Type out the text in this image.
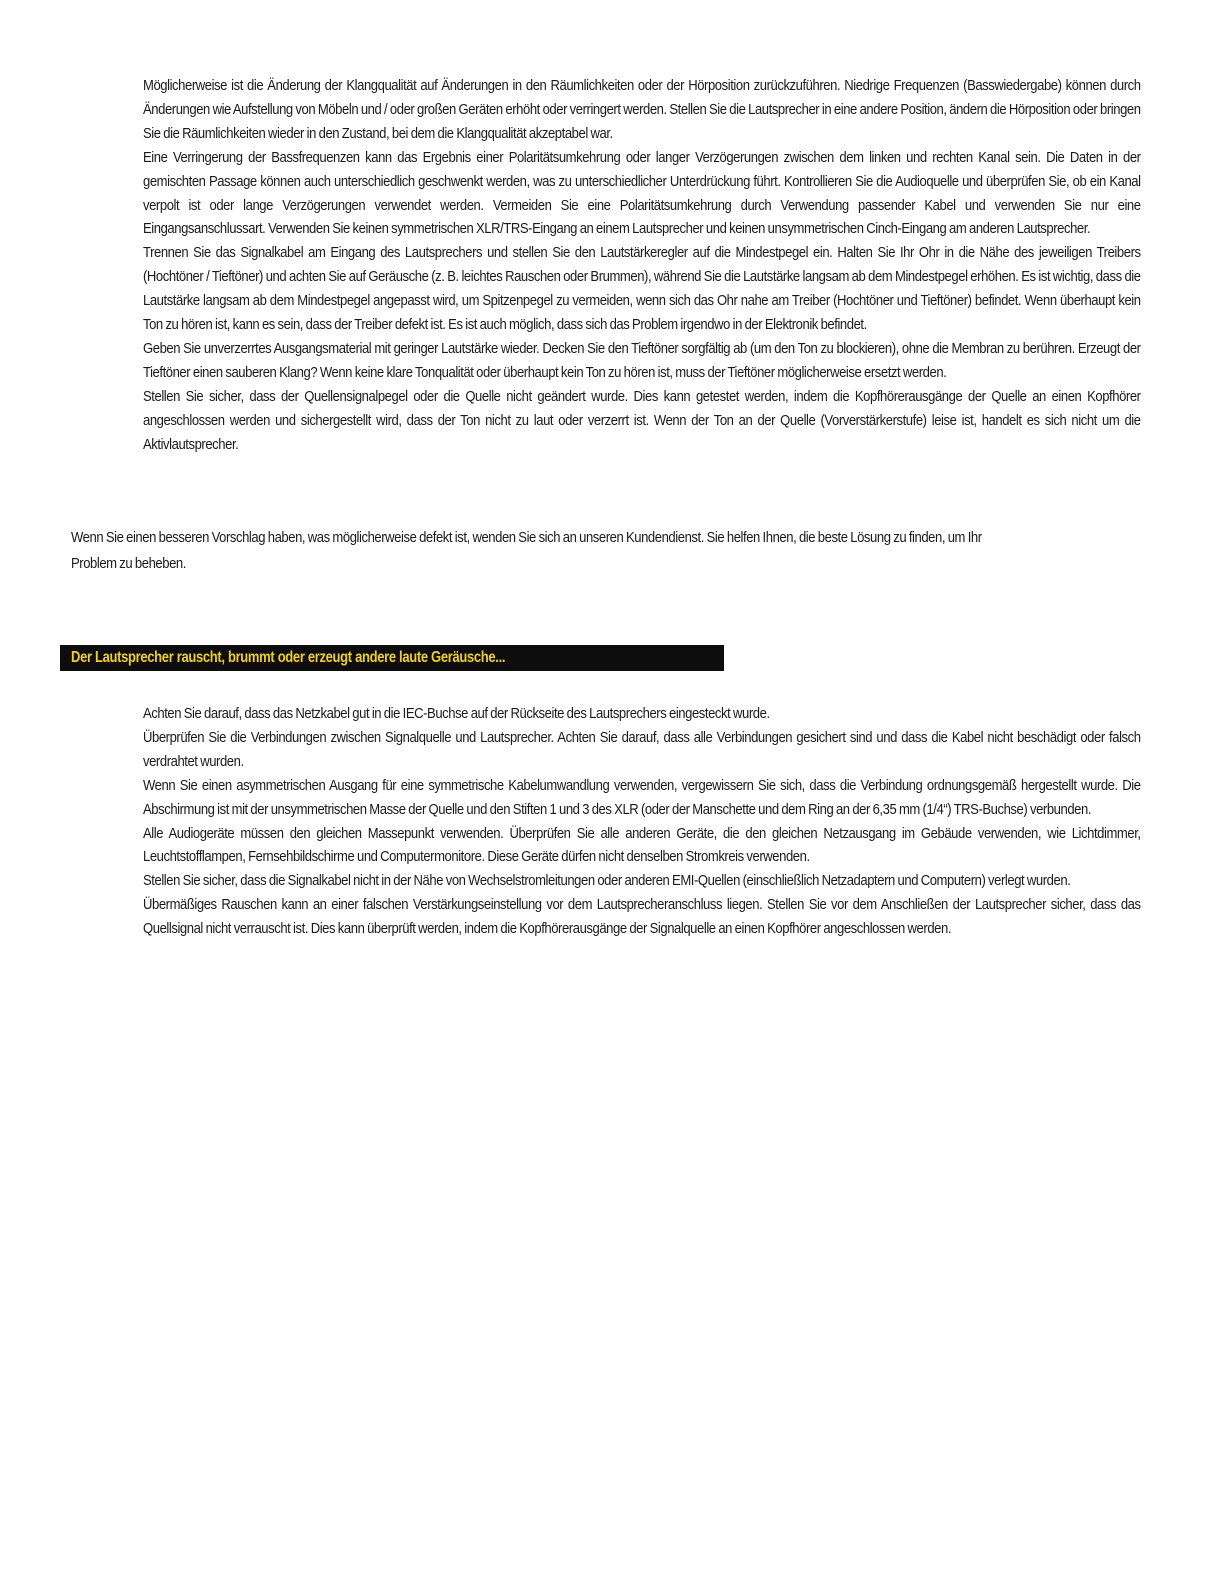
Möglicherweise ist die Änderung der Klangqualität auf Änderungen in den Räumlichkeiten oder der Hörposition zurückzuführen. Niedrige Frequenzen (Basswiedergabe) können durch Änderungen wie Aufstellung von Möbeln und / oder großen Geräten erhöht oder verringert werden. Stellen Sie die Lautsprecher in eine andere Position, ändern die Hörposition oder bringen Sie die Räumlichkeiten wieder in den Zustand, bei dem die Klangqualität akzeptabel war.

Eine Verringerung der Bassfrequenzen kann das Ergebnis einer Polaritätsumkehrung oder langer Verzögerungen zwischen dem linken und rechten Kanal sein. Die Daten in der gemischten Passage können auch unterschiedlich geschwenkt werden, was zu unterschiedlicher Unterdrückung führt. Kontrollieren Sie die Audioquelle und überprüfen Sie, ob ein Kanal verpolt ist oder lange Verzögerungen verwendet werden. Vermeiden Sie eine Polaritätsumkehrung durch Verwendung passender Kabel und verwenden Sie nur eine Eingangsanschlussart. Verwenden Sie keinen symmetrischen XLR/TRS-Eingang an einem Lautsprecher und keinen unsymmetrischen Cinch-Eingang am anderen Lautsprecher.

Trennen Sie das Signalkabel am Eingang des Lautsprechers und stellen Sie den Lautstärkeregler auf die Mindestpegel ein. Halten Sie Ihr Ohr in die Nähe des jeweiligen Treibers (Hochtöner / Tieftöner) und achten Sie auf Geräusche (z. B. leichtes Rauschen oder Brummen), während Sie die Lautstärke langsam ab dem Mindestpegel erhöhen. Es ist wichtig, dass die Lautstärke langsam ab dem Mindestpegel angepasst wird, um Spitzenpegel zu vermeiden, wenn sich das Ohr nahe am Treiber (Hochtöner und Tieftöner) befindet. Wenn überhaupt kein Ton zu hören ist, kann es sein, dass der Treiber defekt ist. Es ist auch möglich, dass sich das Problem irgendwo in der Elektronik befindet.

Geben Sie unverzerrtes Ausgangsmaterial mit geringer Lautstärke wieder. Decken Sie den Tieftöner sorgfältig ab (um den Ton zu blockieren), ohne die Membran zu berühren. Erzeugt der Tieftöner einen sauberen Klang? Wenn keine klare Tonqualität oder überhaupt kein Ton zu hören ist, muss der Tieftöner möglicherweise ersetzt werden.

Stellen Sie sicher, dass der Quellensignalpegel oder die Quelle nicht geändert wurde. Dies kann getestet werden, indem die Kopfhörerausgänge der Quelle an einen Kopfhörer angeschlossen werden und sichergestellt wird, dass der Ton nicht zu laut oder verzerrt ist. Wenn der Ton an der Quelle (Vorverstärkerstufe) leise ist, handelt es sich nicht um die Aktivlautsprecher.

Wenn Sie einen besseren Vorschlag haben, was möglicherweise defekt ist, wenden Sie sich an unseren Kundendienst. Sie helfen Ihnen, die beste Lösung zu finden, um Ihr
Problem zu beheben.

Der Lautsprecher rauscht, brummt oder erzeugt andere laute Geräusche...

Achten Sie darauf, dass das Netzkabel gut in die IEC-Buchse auf der Rückseite des Lautsprechers eingesteckt wurde.

Überprüfen Sie die Verbindungen zwischen Signalquelle und Lautsprecher. Achten Sie darauf, dass alle Verbindungen gesichert sind und dass die Kabel nicht beschädigt oder falsch verdrahtet wurden.

Wenn Sie einen asymmetrischen Ausgang für eine symmetrische Kabelumwandlung verwenden, vergewissern Sie sich, dass die Verbindung ordnungsgemäß hergestellt wurde. Die Abschirmung ist mit der unsymmetrischen Masse der Quelle und den Stiften 1 und 3 des XLR (oder der Manschette und dem Ring an der 6,35 mm (1/4“) TRS-Buchse) verbunden.

Alle Audiogeräte müssen den gleichen Massepunkt verwenden. Überprüfen Sie alle anderen Geräte, die den gleichen Netzausgang im Gebäude verwenden, wie Lichtdimmer, Leuchtstofflampen, Fernsehbildschirme und Computermonitore. Diese Geräte dürfen nicht denselben Stromkreis verwenden.

Stellen Sie sicher, dass die Signalkabel nicht in der Nähe von Wechselstromleitungen oder anderen EMI-Quellen (einschließlich Netzadaptern und Computern) verlegt wurden.

Übermäßiges Rauschen kann an einer falschen Verstärkungseinstellung vor dem Lautsprecheranschluss liegen. Stellen Sie vor dem Anschließen der Lautsprecher sicher, dass das Quellsignal nicht verrauscht ist. Dies kann überprüft werden, indem die Kopfhörerausgänge der Signalquelle an einen Kopfhörer angeschlossen werden.
